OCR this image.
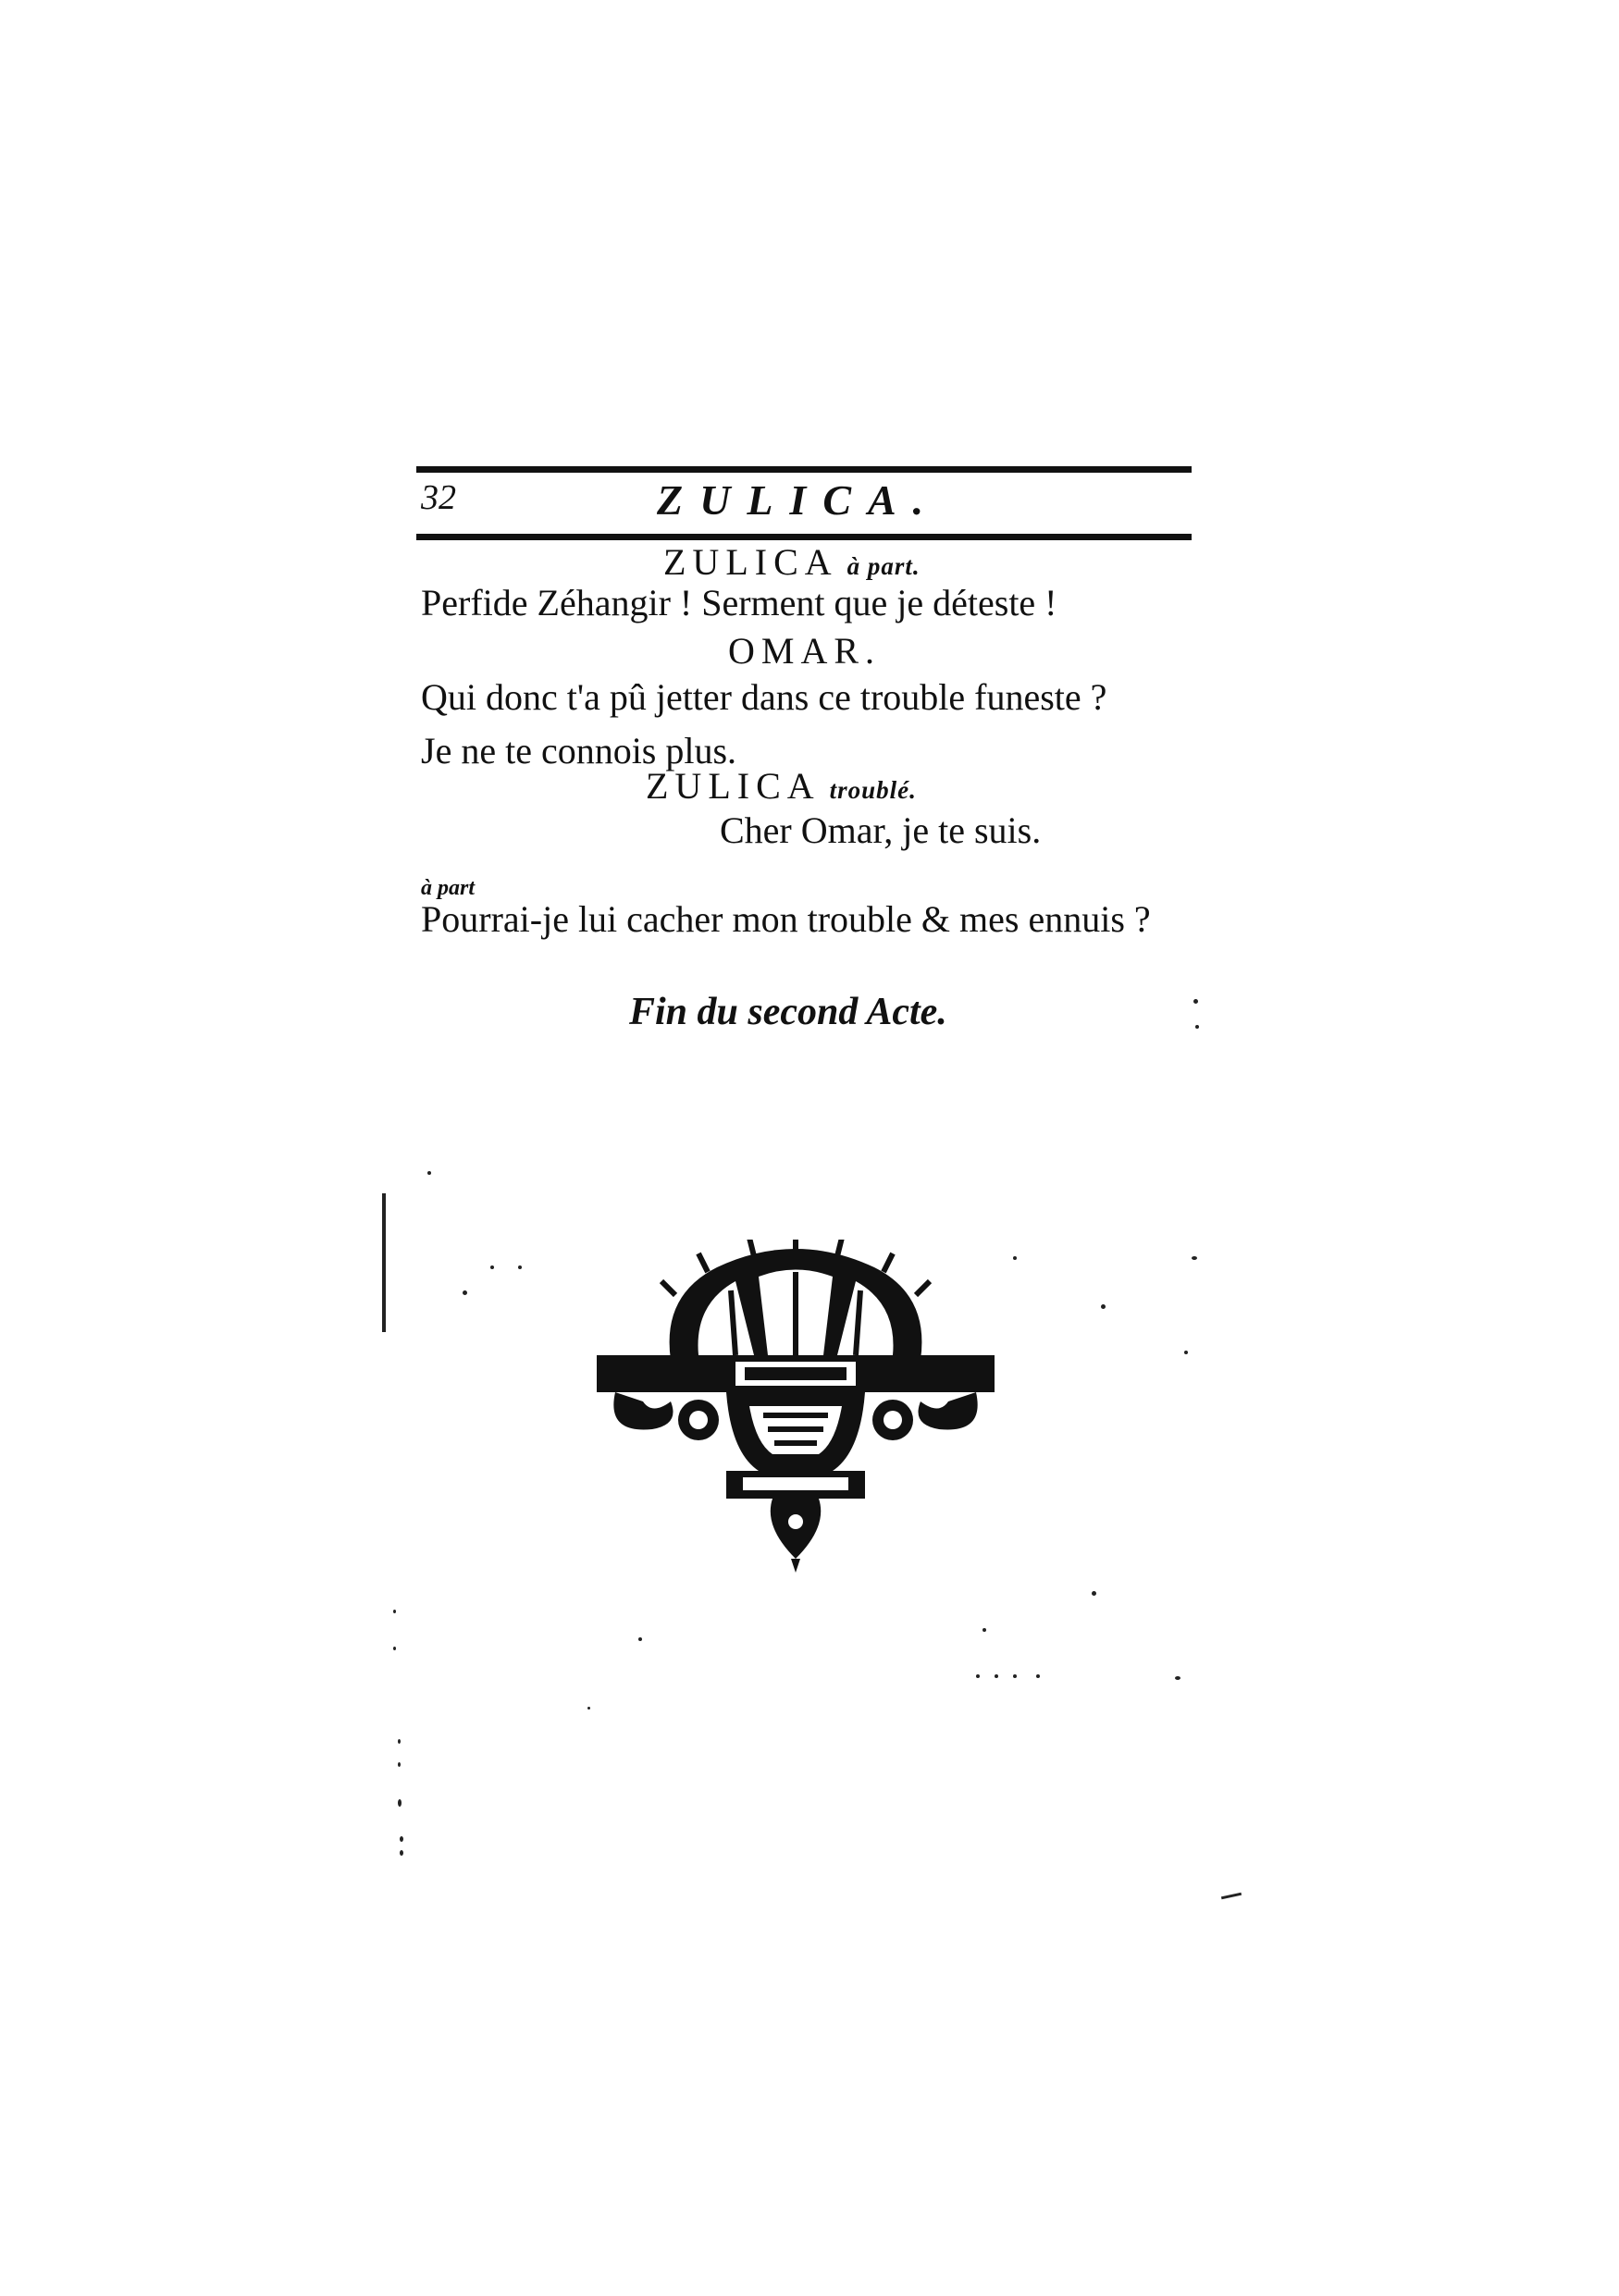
32	ZULICA.
ZULICA à part.
Perfide Zéhangir ! Serment que je déteste !
OMAR.
Qui donc t'a pû jetter dans ce trouble funeste ?
Je ne te connois plus.
ZULICA troublé.
Cher Omar, je te suis.
à part
Pourrai-je lui cacher mon trouble & mes ennuis ?
Fin du second Acte.
